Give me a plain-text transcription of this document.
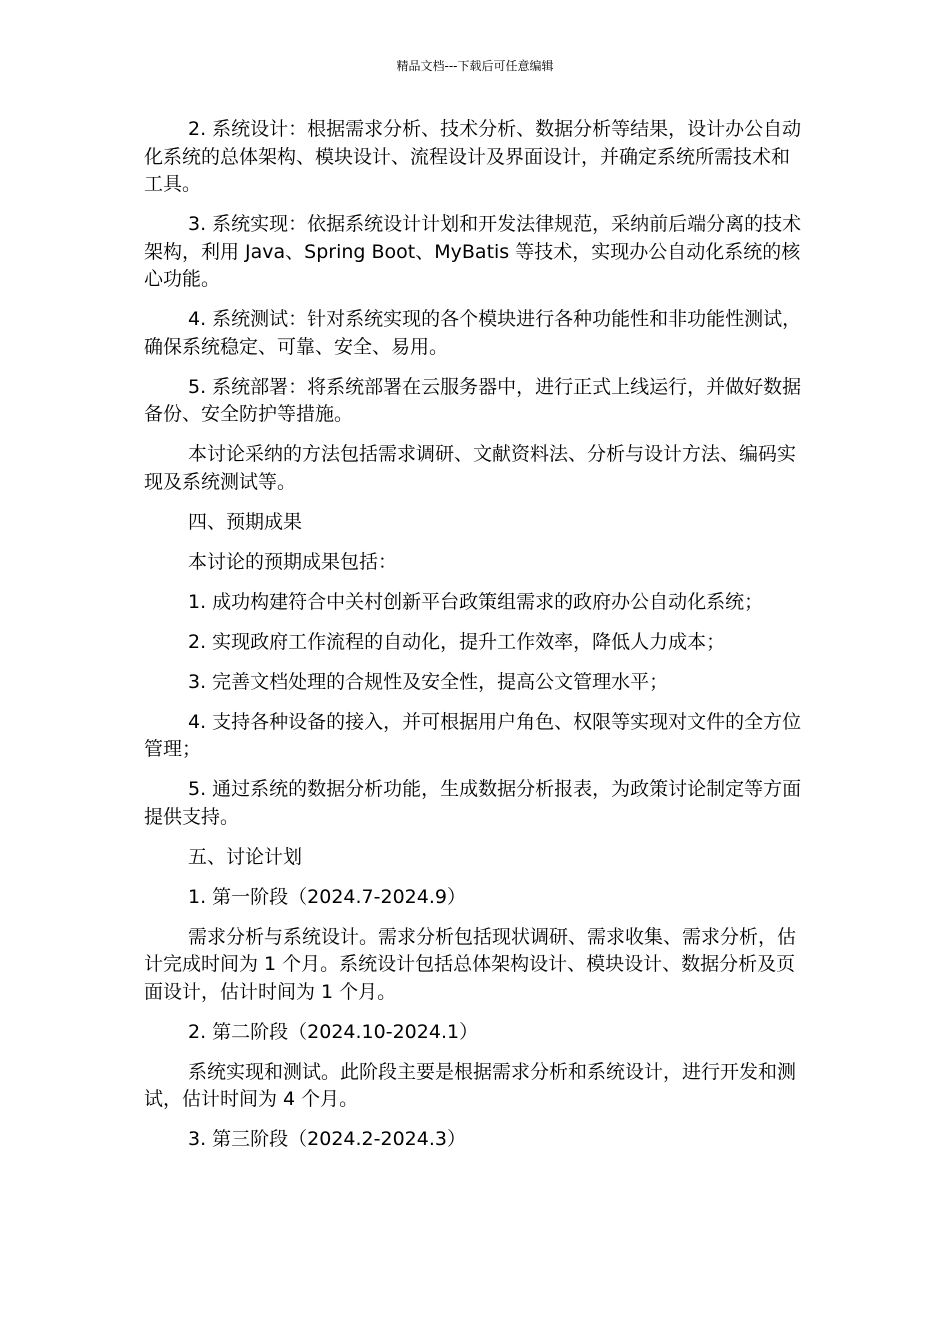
精品文档---下载后可任意编辑

2. 系统设计：根据需求分析、技术分析、数据分析等结果，设计办公自动化系统的总体架构、模块设计、流程设计及界面设计，并确定系统所需技术和工具。

3. 系统实现：依据系统设计计划和开发法律规范，采纳前后端分离的技术架构，利用 Java、Spring Boot、MyBatis 等技术，实现办公自动化系统的核心功能。

4. 系统测试：针对系统实现的各个模块进行各种功能性和非功能性测试，确保系统稳定、可靠、安全、易用。

5. 系统部署：将系统部署在云服务器中，进行正式上线运行，并做好数据备份、安全防护等措施。

本讨论采纳的方法包括需求调研、文献资料法、分析与设计方法、编码实现及系统测试等。

四、预期成果

本讨论的预期成果包括：

1. 成功构建符合中关村创新平台政策组需求的政府办公自动化系统；

2. 实现政府工作流程的自动化，提升工作效率，降低人力成本；

3. 完善文档处理的合规性及安全性，提高公文管理水平；

4. 支持各种设备的接入，并可根据用户角色、权限等实现对文件的全方位管理；

5. 通过系统的数据分析功能，生成数据分析报表，为政策讨论制定等方面提供支持。

五、讨论计划

1. 第一阶段（2024.7-2024.9）

需求分析与系统设计。需求分析包括现状调研、需求收集、需求分析，估计完成时间为 1 个月。系统设计包括总体架构设计、模块设计、数据分析及页面设计，估计时间为 1 个月。

2. 第二阶段（2024.10-2024.1）

系统实现和测试。此阶段主要是根据需求分析和系统设计，进行开发和测试，估计时间为 4 个月。

3. 第三阶段（2024.2-2024.3）
